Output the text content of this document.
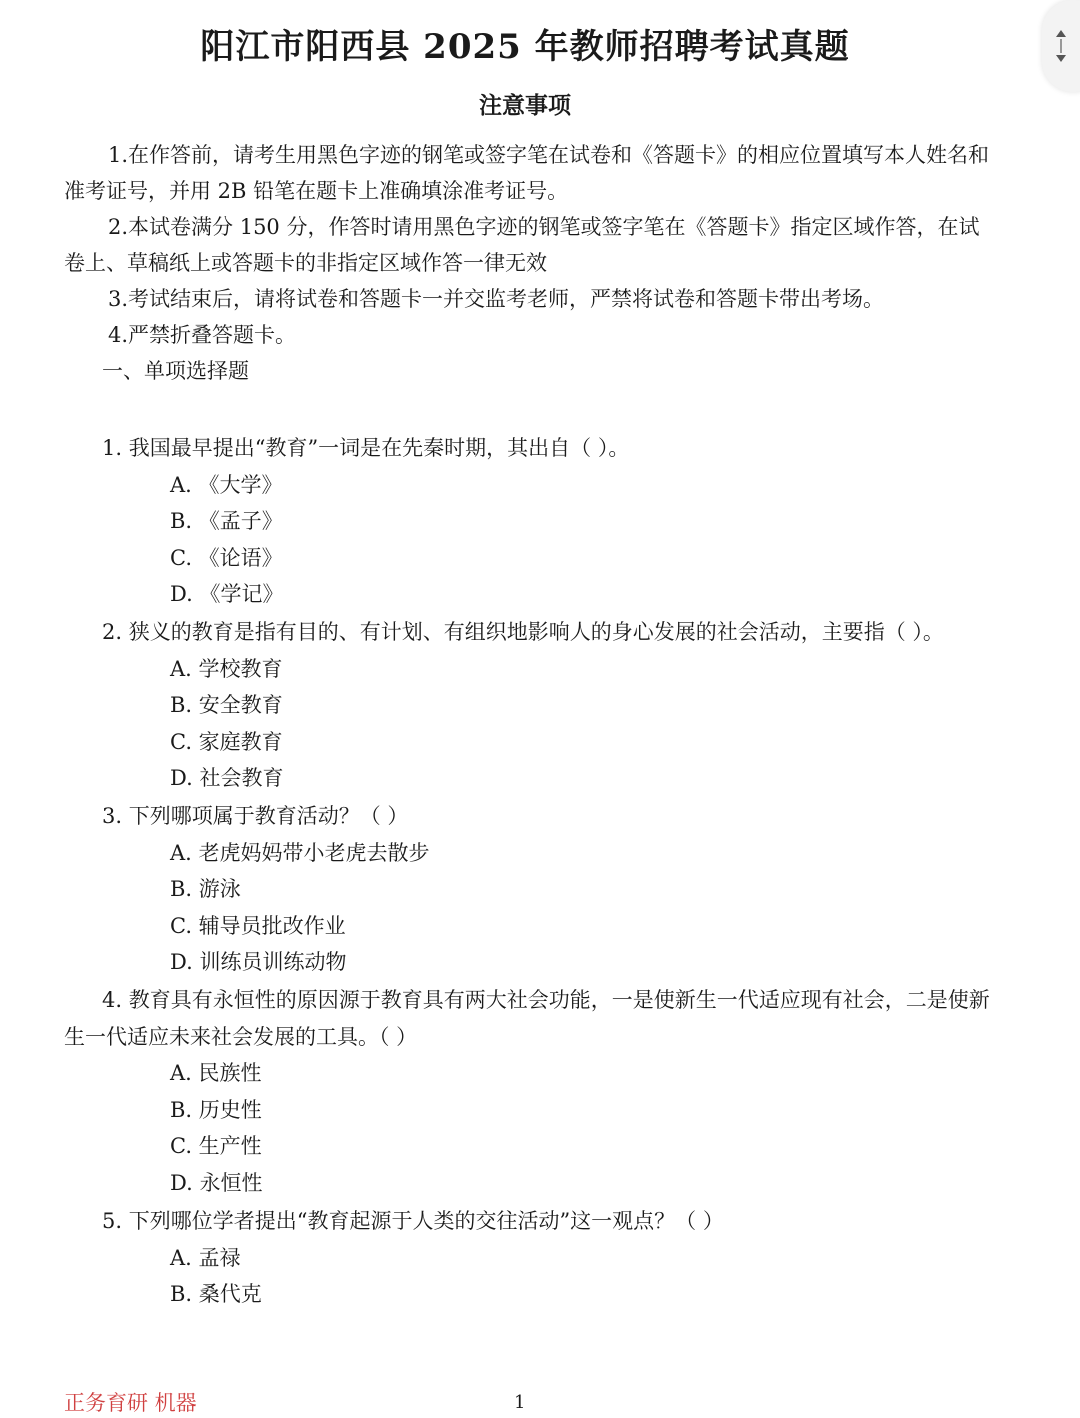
阳江市阳西县 2025 年教师招聘考试真题
注意事项

1.在作答前，请考生用黑色字迹的钢笔或签字笔在试卷和《答题卡》的相应位置填写本人姓名和准考证号，并用 2B 铅笔在题卡上准确填涂准考证号。

2.本试卷满分 150 分，作答时请用黑色字迹的钢笔或签字笔在《答题卡》指定区域作答，在试卷上、草稿纸上或答题卡的非指定区域作答一律无效

3.考试结束后，请将试卷和答题卡一并交监考老师，严禁将试卷和答题卡带出考场。

4.严禁折叠答题卡。

一、单项选择题

1. 我国最早提出“教育”一词是在先秦时期，其出自（ ）。

A. 《大学》

B. 《孟子》

C. 《论语》

D. 《学记》

2. 狭义的教育是指有目的、有计划、有组织地影响人的身心发展的社会活动，主要指（ ）。

A. 学校教育

B. 安全教育

C. 家庭教育

D. 社会教育

3. 下列哪项属于教育活动？（ ）

A. 老虎妈妈带小老虎去散步

B. 游泳

C. 辅导员批改作业

D. 训练员训练动物

4. 教育具有永恒性的原因源于教育具有两大社会功能，一是使新生一代适应现有社会，二是使新生一代适应未来社会发展的工具。（ ）

A. 民族性

B. 历史性

C. 生产性

D. 永恒性

5. 下列哪位学者提出“教育起源于人类的交往活动”这一观点？（ ）

A. 孟禄

B. 桑代克

正务育研 机器	1
